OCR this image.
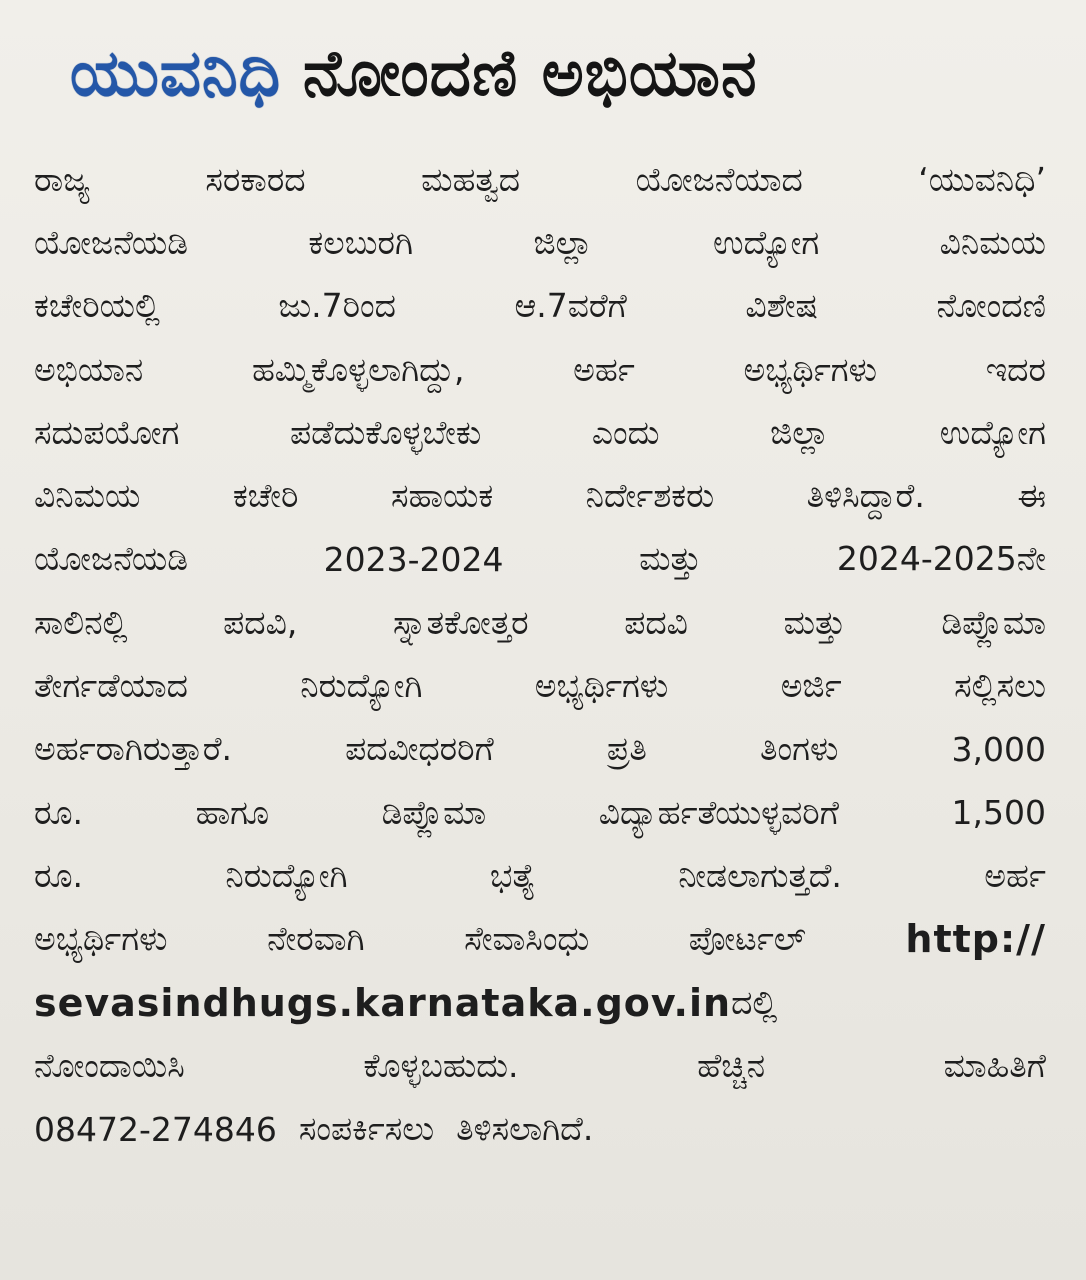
ಯುವನಿಧಿ ನೋಂದಣಿ ಅಭಿಯಾನ
ರಾಜ್ಯ	ಸರಕಾರದ	ಮಹತ್ವದ	ಯೋಜನೆಯಾದ	‘ಯುವನಿಧಿ’
ಯೋಜನೆಯಡಿ	ಕಲಬುರಗಿ	ಜಿಲ್ಲಾ	ಉದ್ಯೋಗ	ವಿನಿಮಯ
ಕಚೇರಿಯಲ್ಲಿ	ಜು.7ರಿಂದ	ಆ.7ವರೆಗೆ	ವಿಶೇಷ	ನೋಂದಣಿ
ಅಭಿಯಾನ	ಹಮ್ಮಿಕೊಳ್ಳಲಾಗಿದ್ದು,	ಅರ್ಹ	ಅಭ್ಯರ್ಥಿಗಳು	ಇದರ
ಸದುಪಯೋಗ	ಪಡೆದುಕೊಳ್ಳಬೇಕು	ಎಂದು	ಜಿಲ್ಲಾ	ಉದ್ಯೋಗ
ವಿನಿಮಯ	ಕಚೇರಿ	ಸಹಾಯಕ	ನಿರ್ದೇಶಕರು	ತಿಳಿಸಿದ್ದಾರೆ.	ಈ
ಯೋಜನೆಯಡಿ	2023-2024	ಮತ್ತು	2024-2025ನೇ
ಸಾಲಿನಲ್ಲಿ	ಪದವಿ,	ಸ್ನಾತಕೋತ್ತರ	ಪದವಿ	ಮತ್ತು	ಡಿಪ್ಲೊಮಾ
ತೇರ್ಗಡೆಯಾದ	ನಿರುದ್ಯೋಗಿ	ಅಭ್ಯರ್ಥಿಗಳು	ಅರ್ಜಿ	ಸಲ್ಲಿಸಲು
ಅರ್ಹರಾಗಿರುತ್ತಾರೆ.	ಪದವೀಧರರಿಗೆ	ಪ್ರತಿ	ತಿಂಗಳು	3,000
ರೂ.	ಹಾಗೂ	ಡಿಪ್ಲೊಮಾ	ವಿದ್ಯಾರ್ಹತೆಯುಳ್ಳವರಿಗೆ	1,500
ರೂ.	ನಿರುದ್ಯೋಗಿ	ಭತ್ಯೆ	ನೀಡಲಾಗುತ್ತದೆ.	ಅರ್ಹ
ಅಭ್ಯರ್ಥಿಗಳು	ನೇರವಾಗಿ	ಸೇವಾಸಿಂಧು	ಪೋರ್ಟಲ್	http://
sevasindhugs.karnataka.gov.in ದಲ್ಲಿ
ನೋಂದಾಯಿಸಿ	ಕೊಳ್ಳಬಹುದು.	ಹೆಚ್ಚಿನ	ಮಾಹಿತಿಗೆ
08472-274846 ಸಂಪರ್ಕಿಸಲು ತಿಳಿಸಲಾಗಿದೆ.
